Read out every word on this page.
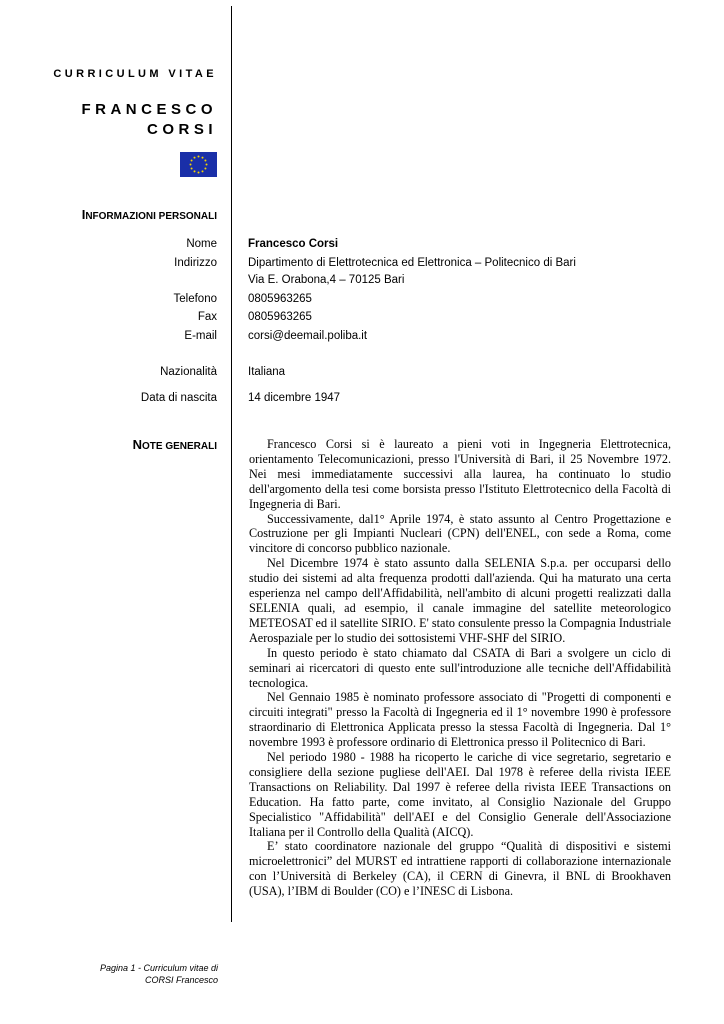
CURRICULUM VITAE
FRANCESCO
CORSI
INFORMAZIONI PERSONALI
Nome	Francesco Corsi
Indirizzo	Dipartimento di Elettrotecnica ed Elettronica – Politecnico di Bari
Via E. Orabona,4 – 70125 Bari
Telefono	0805963265
Fax	0805963265
E-mail	corsi@deemail.poliba.it
Nazionalità	Italiana
Data di nascita	14 dicembre 1947
NOTE GENERALI	Francesco Corsi si è laureato a pieni voti in Ingegneria Elettrotecnica, orientamento Telecomunicazioni, presso l'Università di Bari, il 25 Novembre 1972. Nei mesi immediatamente successivi alla laurea, ha continuato lo studio dell'argomento della tesi come borsista presso l'Istituto Elettrotecnico della Facoltà di Ingegneria di Bari.

Successivamente, dal1° Aprile 1974, è stato assunto al Centro Progettazione e Costruzione per gli Impianti Nucleari (CPN) dell'ENEL, con sede a Roma, come vincitore di concorso pubblico nazionale.

Nel Dicembre 1974 è stato assunto dalla SELENIA S.p.a. per occuparsi dello studio dei sistemi ad alta frequenza prodotti dall'azienda. Qui ha maturato una certa esperienza nel campo dell'Affidabilità, nell'ambito di alcuni progetti realizzati dalla SELENIA quali, ad esempio, il canale immagine del satellite meteorologico METEOSAT ed il satellite SIRIO. E' stato consulente presso la Compagnia Industriale Aerospaziale per lo studio dei sottosistemi VHF-SHF del SIRIO.

In questo periodo è stato chiamato dal CSATA di Bari a svolgere un ciclo di seminari ai ricercatori di questo ente sull'introduzione alle tecniche dell'Affidabilità tecnologica.

Nel Gennaio 1985 è nominato professore associato di "Progetti di componenti e circuiti integrati" presso la Facoltà di Ingegneria ed il 1° novembre 1990 è professore straordinario di Elettronica Applicata presso la stessa Facoltà di Ingegneria. Dal 1° novembre 1993 è professore ordinario di Elettronica presso il Politecnico di Bari.

Nel periodo 1980 - 1988 ha ricoperto le cariche di vice segretario, segretario e consigliere della sezione pugliese dell'AEI. Dal 1978 è referee della rivista IEEE Transactions on Reliability. Dal 1997 è referee della rivista IEEE Transactions on Education. Ha fatto parte, come invitato, al Consiglio Nazionale del Gruppo Specialistico "Affidabilità" dell'AEI e del Consiglio Generale dell'Associazione Italiana per il Controllo della Qualità (AICQ).

E’ stato coordinatore nazionale del gruppo “Qualità di dispositivi e sistemi microelettronici” del MURST ed intrattiene rapporti di collaborazione internazionale con l’Università di Berkeley (CA), il CERN di Ginevra, il BNL di Brookhaven (USA), l’IBM di Boulder (CO) e l’INESC di Lisbona.

Pagina 1 - Curriculum vitae di
CORSI Francesco
